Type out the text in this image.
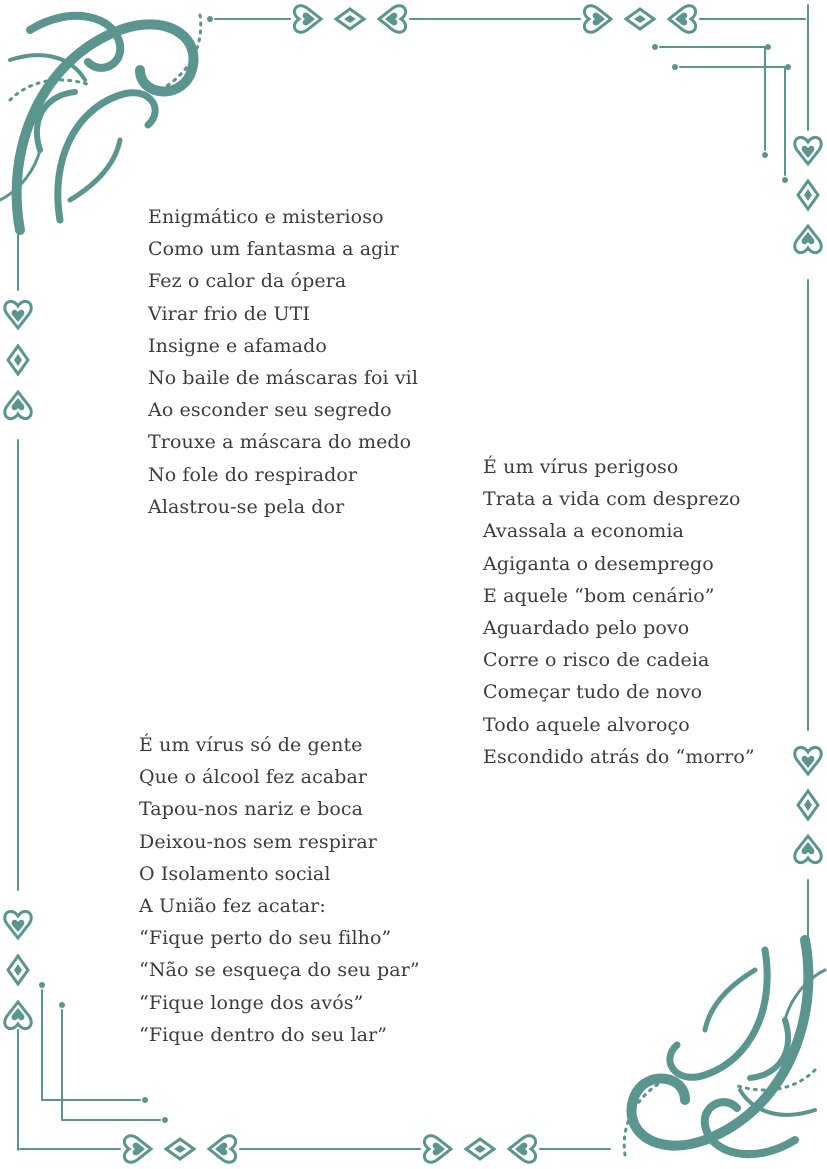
Enigmático e misterioso
Como um fantasma a agir
Fez o calor da ópera
Virar frio de UTI
Insigne e afamado
No baile de máscaras foi vil
Ao esconder seu segredo
Trouxe a máscara do medo
No fole do respirador
Alastrou-se pela dor
É um vírus perigoso
Trata a vida com desprezo
Avassala a economia
Agiganta o desemprego
E aquele “bom cenário”
Aguardado pelo povo
Corre o risco de cadeia
Começar tudo de novo
Todo aquele alvoroço
Escondido atrás do “morro”
É um vírus só de gente
Que o álcool fez acabar
Tapou-nos nariz e boca
Deixou-nos sem respirar
O Isolamento social
A União fez acatar:
“Fique perto do seu filho”
“Não se esqueça do seu par”
“Fique longe dos avós”
“Fique dentro do seu lar”
